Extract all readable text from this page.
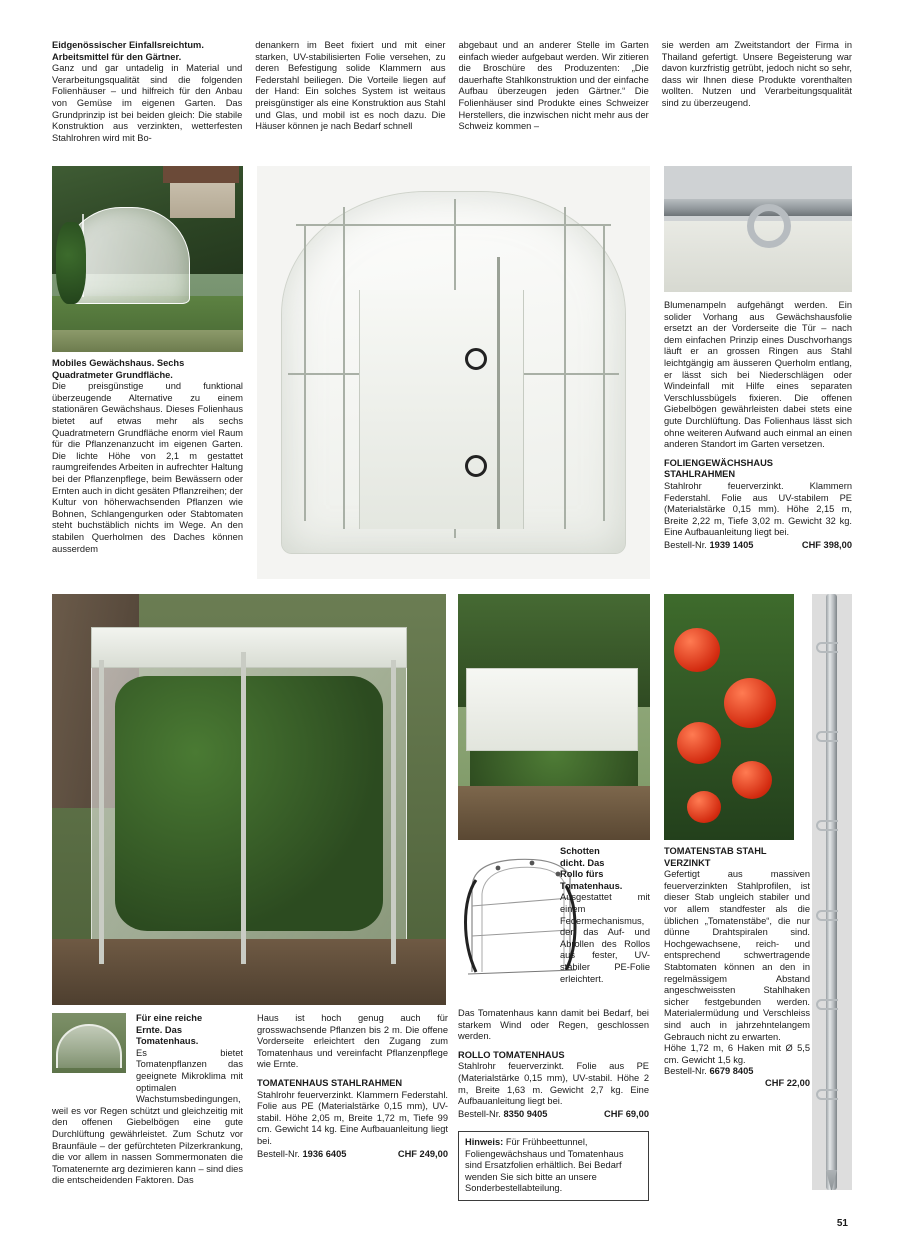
Eidgenössischer Einfallsreichtum.
Arbeitsmittel für den Gärtner.
Ganz und gar untadelig in Material und Verarbeitungsqualität sind die folgenden Folienhäuser – und hilfreich für den Anbau von Gemüse im eigenen Garten. Das Grundprinzip ist bei beiden gleich: Die stabile Konstruktion aus verzinkten, wetterfesten Stahlrohren wird mit Bo-
denankern im Beet fixiert und mit einer starken, UV-stabilisierten Folie versehen, zu deren Befestigung solide Klammern aus Federstahl beiliegen. Die Vorteile liegen auf der Hand: Ein solches System ist weitaus preisgünstiger als eine Konstruktion aus Stahl und Glas, und mobil ist es noch dazu. Die Häuser können je nach Bedarf schnell
abgebaut und an anderer Stelle im Garten einfach wieder aufgebaut werden. Wir zitieren die Broschüre des Produzenten: „Die dauerhafte Stahlkonstruktion und der einfache Aufbau überzeugen jeden Gärtner.“ Die Folienhäuser sind Produkte eines Schweizer Herstellers, die inzwischen nicht mehr aus der Schweiz kommen –
sie werden am Zweitstandort der Firma in Thailand gefertigt. Unsere Begeisterung war davon kurzfristig getrübt, jedoch nicht so sehr, dass wir Ihnen diese Produkte vorenthalten wollten. Nutzen und Verarbeitungsqualität sind zu überzeugend.
Mobiles Gewächshaus. Sechs
Quadratmeter Grundfläche.
Die preisgünstige und funktional überzeugende Alternative zu einem stationären Gewächshaus. Dieses Folienhaus bietet auf etwas mehr als sechs Quadratmetern Grundfläche enorm viel Raum für die Pflanzenanzucht im eigenen Garten. Die lichte Höhe von 2,1 m gestattet raumgreifendes Arbeiten in aufrechter Haltung bei der Pflanzenpflege, beim Bewässern oder Ernten auch in dicht gesäten Pflanzreihen; der Kultur von höherwachsenden Pflanzen wie Bohnen, Schlangengurken oder Stabtomaten steht buchstäblich nichts im Wege. An den stabilen Querholmen des Daches können ausserdem
Blumenampeln aufgehängt werden. Ein solider Vorhang aus Gewächshausfolie ersetzt an der Vorderseite die Tür – nach dem einfachen Prinzip eines Duschvorhangs läuft er an grossen Ringen aus Stahl leichtgängig am äusseren Querholm entlang, er lässt sich bei Niederschlägen oder Windeinfall mit Hilfe eines separaten Verschlussbügels fixieren. Die offenen Giebelbögen gewährleisten dabei stets eine gute Durchlüftung. Das Folienhaus lässt sich ohne weiteren Aufwand auch einmal an einen anderen Standort im Garten versetzen.
FOLIENGEWÄCHSHAUS
STAHLRAHMEN
Stahlrohr feuerverzinkt. Klammern Federstahl. Folie aus UV-stabilem PE (Materialstärke 0,15 mm). Höhe 2,15 m, Breite 2,22 m, Tiefe 3,02 m. Gewicht 32 kg. Eine Aufbauanleitung liegt bei.
Bestell-Nr. 1939 1405	CHF 398,00
Schotten
dicht. Das
Rollo fürs
Tomatenhaus.
Ausgestattet mit einem Federmechanismus, der das Auf- und Abrollen des Rollos aus fester, UV-stabiler PE-Folie erleichtert.
Das Tomatenhaus kann damit bei Bedarf, bei starkem Wind oder Regen, geschlossen werden.
ROLLO TOMATENHAUS
Stahlrohr feuerverzinkt. Folie aus PE (Materialstärke 0,15 mm), UV-stabil. Höhe 2 m, Breite 1,63 m. Gewicht 2,7 kg. Eine Aufbauanleitung liegt bei.
Bestell-Nr. 8350 9405	CHF 69,00
TOMATENSTAB STAHL
VERZINKT
Gefertigt aus massiven feuerverzinkten Stahlprofilen, ist dieser Stab ungleich stabiler und vor allem standfester als die üblichen „Tomatenstäbe“, die nur dünne Drahtspiralen sind. Hochgewachsene, reich- und entsprechend schwertragende Stabtomaten können an den in regelmässigem Abstand angeschweissten Stahlhaken sicher festgebunden werden. Materialermüdung und Verschleiss sind auch in jahrzehntelangem Gebrauch nicht zu erwarten.
Höhe 1,72 m, 6 Haken mit Ø 5,5 cm. Gewicht 1,5 kg.
Bestell-Nr. 6679 8405
CHF 22,00
Für eine reiche
Ernte. Das
Tomatenhaus.
Es bietet Tomatenpflanzen das geeignete Mikroklima mit optimalen Wachstumsbedingungen,
weil es vor Regen schützt und gleichzeitig mit den offenen Giebelbögen eine gute Durchlüftung gewährleistet. Zum Schutz vor Braunfäule – der gefürchteten Pilzerkrankung, die vor allem in nassen Sommermonaten die Tomatenernte arg dezimieren kann – sind dies die entscheidenden Faktoren. Das
Haus ist hoch genug auch für grosswachsende Pflanzen bis 2 m. Die offene Vorderseite erleichtert den Zugang zum Tomatenhaus und vereinfacht Pflanzenpflege wie Ernte.
TOMATENHAUS STAHLRAHMEN
Stahlrohr feuerverzinkt. Klammern Federstahl. Folie aus PE (Materialstärke 0,15 mm), UV-stabil. Höhe 2,05 m, Breite 1,72 m, Tiefe 99 cm. Gewicht 14 kg. Eine Aufbauanleitung liegt bei.
Bestell-Nr. 1936 6405	CHF 249,00
Hinweis: Für Frühbeettunnel, Foliengewächshaus und Tomatenhaus sind Ersatzfolien erhältlich. Bei Bedarf wenden Sie sich bitte an unsere Sonderbestellabteilung.
51
